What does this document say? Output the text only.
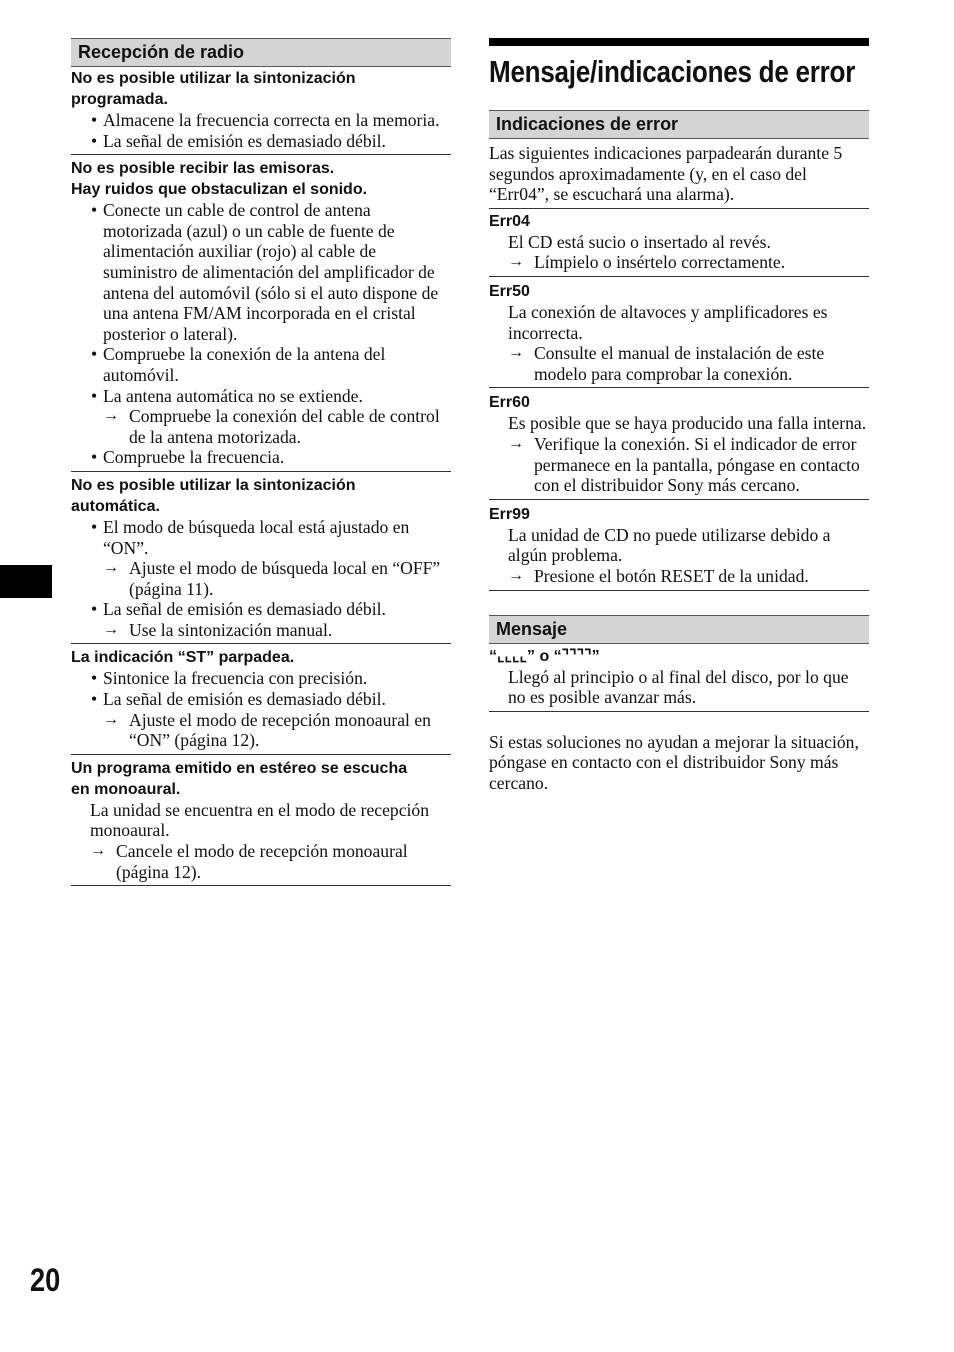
Recepción de radio
No es posible utilizar la sintonización
programada.
• Almacene la frecuencia correcta en la memoria.
• La señal de emisión es demasiado débil.
No es posible recibir las emisoras.
Hay ruidos que obstaculizan el sonido.
• Conecte un cable de control de antena motorizada (azul) o un cable de fuente de alimentación auxiliar (rojo) al cable de suministro de alimentación del amplificador de antena del automóvil (sólo si el auto dispone de una antena FM/AM incorporada en el cristal posterior o lateral).
• Compruebe la conexión de la antena del automóvil.
• La antena automática no se extiende.
→ Compruebe la conexión del cable de control de la antena motorizada.
• Compruebe la frecuencia.
No es posible utilizar la sintonización
automática.
• El modo de búsqueda local está ajustado en “ON”.
→ Ajuste el modo de búsqueda local en “OFF” (página 11).
• La señal de emisión es demasiado débil.
→ Use la sintonización manual.
La indicación “ST” parpadea.
• Sintonice la frecuencia con precisión.
• La señal de emisión es demasiado débil.
→ Ajuste el modo de recepción monoaural en “ON” (página 12).
Un programa emitido en estéreo se escucha
en monoaural.
La unidad se encuentra en el modo de recepción monoaural.
→ Cancele el modo de recepción monoaural (página 12).
Mensaje/indicaciones de error
Indicaciones de error
Las siguientes indicaciones parpadearán durante 5 segundos aproximadamente (y, en el caso del “Err04”, se escuchará una alarma).
Err04
El CD está sucio o insertado al revés.
→ Límpielo o insértelo correctamente.
Err50
La conexión de altavoces y amplificadores es incorrecta.
→ Consulte el manual de instalación de este modelo para comprobar la conexión.
Err60
Es posible que se haya producido una falla interna.
→ Verifique la conexión. Si el indicador de error permanece en la pantalla, póngase en contacto con el distribuidor Sony más cercano.
Err99
La unidad de CD no puede utilizarse debido a algún problema.
→ Presione el botón RESET de la unidad.
Mensaje
“⌞⌞⌞⌞” o “⌝⌝⌝⌝”
Llegó al principio o al final del disco, por lo que no es posible avanzar más.
Si estas soluciones no ayudan a mejorar la situación, póngase en contacto con el distribuidor Sony más cercano.
20
